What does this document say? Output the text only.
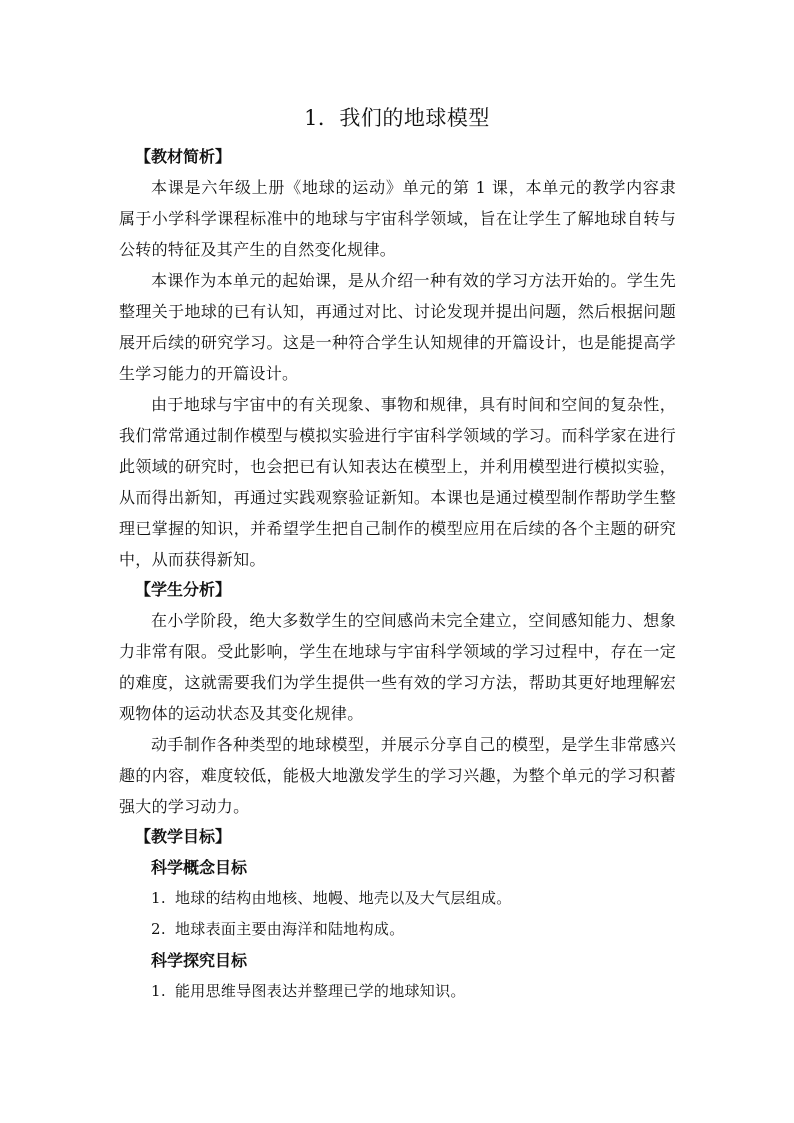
1．我们的地球模型
【教材简析】

本课是六年级上册《地球的运动》单元的第 1 课，本单元的教学内容隶属于小学科学课程标准中的地球与宇宙科学领域，旨在让学生了解地球自转与公转的特征及其产生的自然变化规律。

本课作为本单元的起始课，是从介绍一种有效的学习方法开始的。学生先整理关于地球的已有认知，再通过对比、讨论发现并提出问题，然后根据问题展开后续的研究学习。这是一种符合学生认知规律的开篇设计，也是能提高学生学习能力的开篇设计。

由于地球与宇宙中的有关现象、事物和规律，具有时间和空间的复杂性，我们常常通过制作模型与模拟实验进行宇宙科学领域的学习。而科学家在进行此领域的研究时，也会把已有认知表达在模型上，并利用模型进行模拟实验，从而得出新知，再通过实践观察验证新知。本课也是通过模型制作帮助学生整理已掌握的知识，并希望学生把自己制作的模型应用在后续的各个主题的研究中，从而获得新知。

【学生分析】

在小学阶段，绝大多数学生的空间感尚未完全建立，空间感知能力、想象力非常有限。受此影响，学生在地球与宇宙科学领域的学习过程中，存在一定的难度，这就需要我们为学生提供一些有效的学习方法，帮助其更好地理解宏观物体的运动状态及其变化规律。

动手制作各种类型的地球模型，并展示分享自己的模型，是学生非常感兴趣的内容，难度较低，能极大地激发学生的学习兴趣，为整个单元的学习积蓄强大的学习动力。

【教学目标】
科学概念目标
1. 地球的结构由地核、地幔、地壳以及大气层组成。
2. 地球表面主要由海洋和陆地构成。
科学探究目标
1. 能用思维导图表达并整理已学的地球知识。
